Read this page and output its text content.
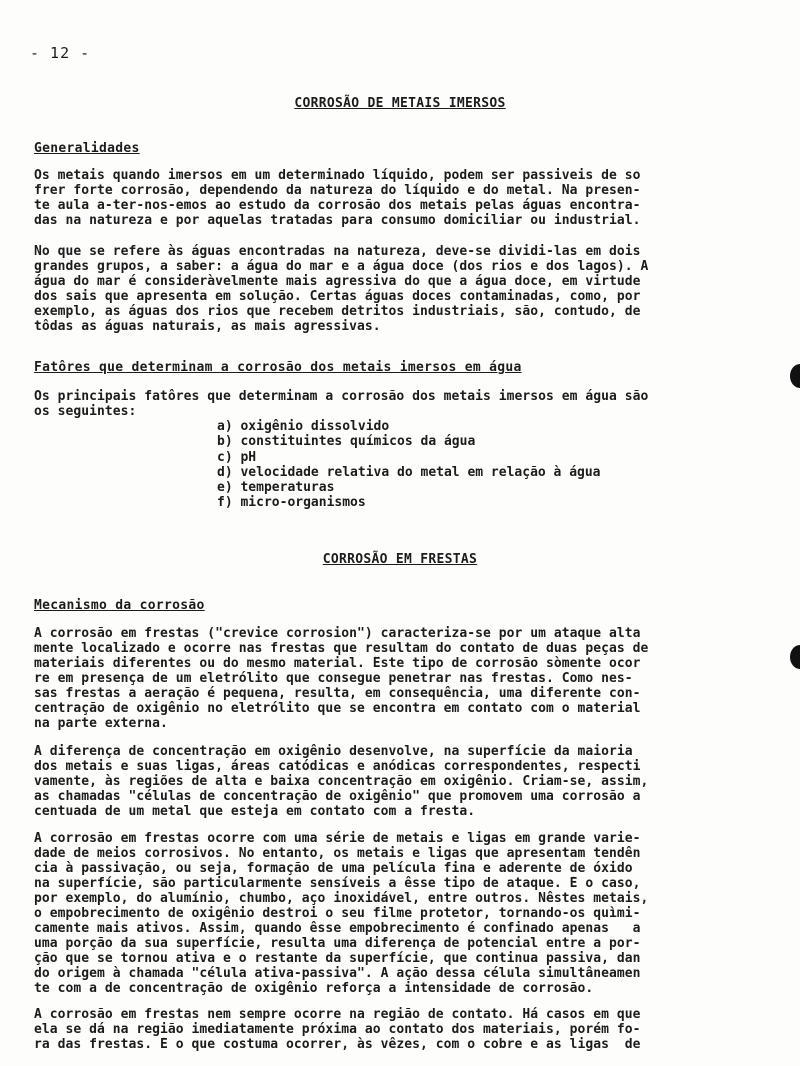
- 12 -
CORROSÃO DE METAIS IMERSOS
Generalidades
Os metais quando imersos em um determinado líquido, podem ser passiveis de so
frer forte corrosão, dependendo da natureza do líquido e do metal. Na presen-
te aula a-ter-nos-emos ao estudo da corrosão dos metais pelas águas encontra-
das na natureza e por aquelas tratadas para consumo domiciliar ou industrial.
No que se refere às águas encontradas na natureza, deve-se dividi-las em dois
grandes grupos, a saber: a água do mar e a água doce (dos rios e dos lagos). A
água do mar é consideràvelmente mais agressiva do que a água doce, em virtude
dos sais que apresenta em solução. Certas águas doces contaminadas, como, por
exemplo, as águas dos rios que recebem detritos industriais, são, contudo, de
tôdas as águas naturais, as mais agressivas.
Fatôres que determinam a corrosão dos metais imersos em água
Os principais fatôres que determinam a corrosão dos metais imersos em água são
os seguintes:
a) oxigênio dissolvido
b) constituintes químicos da água
c) pH
d) velocidade relativa do metal em relação à água
e) temperaturas
f) micro-organismos
CORROSÃO EM FRESTAS
Mecanismo da corrosão
A corrosão em frestas ("crevice corrosion") caracteriza-se por um ataque alta
mente localizado e ocorre nas frestas que resultam do contato de duas peças de
materiais diferentes ou do mesmo material. Êste tipo de corrosão sòmente ocor
re em presença de um eletrólito que consegue penetrar nas frestas. Como nes-
sas frestas a aeração é pequena, resulta, em consequência, uma diferente con-
centração de oxigênio no eletrólito que se encontra em contato com o material
na parte externa.
A diferença de concentração em oxigênio desenvolve, na superfície da maioria
dos metais e suas ligas, áreas catódicas e anódicas correspondentes, respecti
vamente, às regiões de alta e baixa concentração em oxigênio. Criam-se, assim,
as chamadas "células de concentração de oxigênio" que promovem uma corrosão a
centuada de um metal que esteja em contato com a fresta.
A corrosão em frestas ocorre com uma série de metais e ligas em grande varie-
dade de meios corrosivos. No entanto, os metais e ligas que apresentam tendên
cia à passivação, ou seja, formação de uma película fina e aderente de óxido
na superfície, são particularmente sensíveis a êsse tipo de ataque. É o caso,
por exemplo, do alumínio, chumbo, aço inoxidável, entre outros. Nêstes metais,
o empobrecimento de oxigênio destroi o seu filme protetor, tornando-os quìmi-
camente mais ativos. Assim, quando êsse empobrecimento é confinado apenas   a
uma porção da sua superfície, resulta uma diferença de potencial entre a por-
ção que se tornou ativa e o restante da superfície, que continua passiva, dan
do origem à chamada "célula ativa-passiva". A ação dessa célula simultâneamen
te com a de concentração de oxigênio reforça a intensidade de corrosão.
A corrosão em frestas nem sempre ocorre na região de contato. Há casos em que
ela se dá na região imediatamente próxima ao contato dos materiais, porém fo-
ra das frestas. É o que costuma ocorrer, às vêzes, com o cobre e as ligas  de
